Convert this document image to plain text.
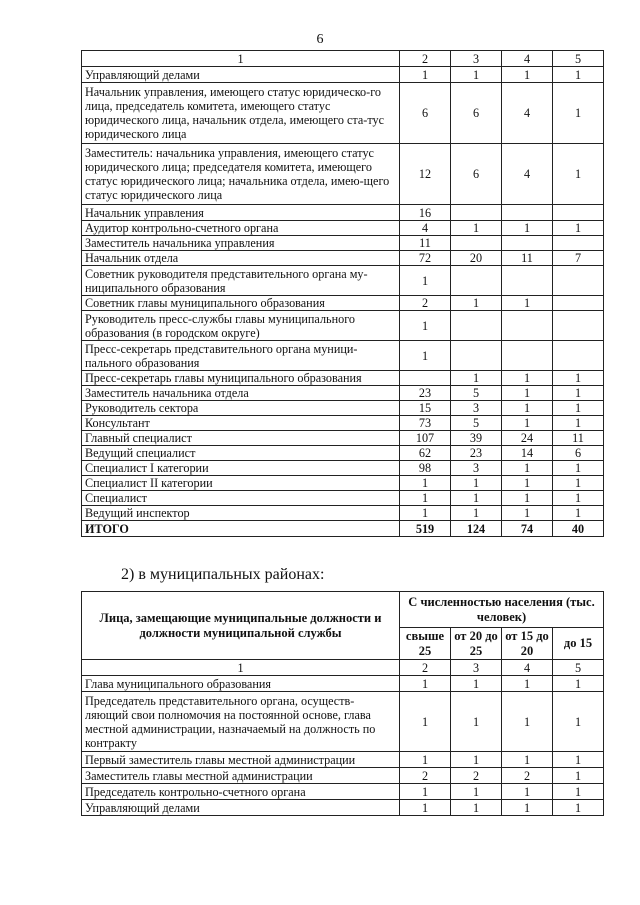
6
1	2	3	4	5
Управляющий делами	1	1	1	1
Начальник управления, имеющего статус юридическо-го лица, председатель комитета, имеющего статус юридического лица, начальник отдела, имеющего ста-тус юридического лица	6	6	4	1
Заместитель: начальника управления, имеющего статус юридического лица; председателя комитета, имеющего статус юридического лица; начальника отдела, имею-щего статус юридического лица	12	6	4	1
Начальник управления	16			
Аудитор контрольно-счетного органа	4	1	1	1
Заместитель начальника управления	11			
Начальник отдела	72	20	11	7
Советник руководителя представительного органа му-ниципального образования	1			
Советник главы муниципального образования	2	1	1	
Руководитель пресс-службы главы муниципального образования (в городском округе)	1			
Пресс-секретарь представительного органа муници-пального образования	1			
Пресс-секретарь главы муниципального образования		1	1	1
Заместитель начальника отдела	23	5	1	1
Руководитель сектора	15	3	1	1
Консультант	73	5	1	1
Главный специалист	107	39	24	11
Ведущий специалист	62	23	14	6
Специалист I категории	98	3	1	1
Специалист II категории	1	1	1	1
Специалист	1	1	1	1
Ведущий инспектор	1	1	1	1
ИТОГО	519	124	74	40
2) в муниципальных районах:
Лица, замещающие муниципальные должности и должности муниципальной службы	С численностью населения (тыс. человек)			
	свыше 25	от 20 до 25	от 15 до 20	до 15
1	2	3	4	5
Глава муниципального образования	1	1	1	1
Председатель представительного органа, осуществ-ляющий свои полномочия на постоянной основе, глава местной администрации, назначаемый на должность по контракту	1	1	1	1
Первый заместитель главы местной администрации	1	1	1	1
Заместитель главы местной администрации	2	2	2	1
Председатель контрольно-счетного органа	1	1	1	1
Управляющий делами	1	1	1	1
